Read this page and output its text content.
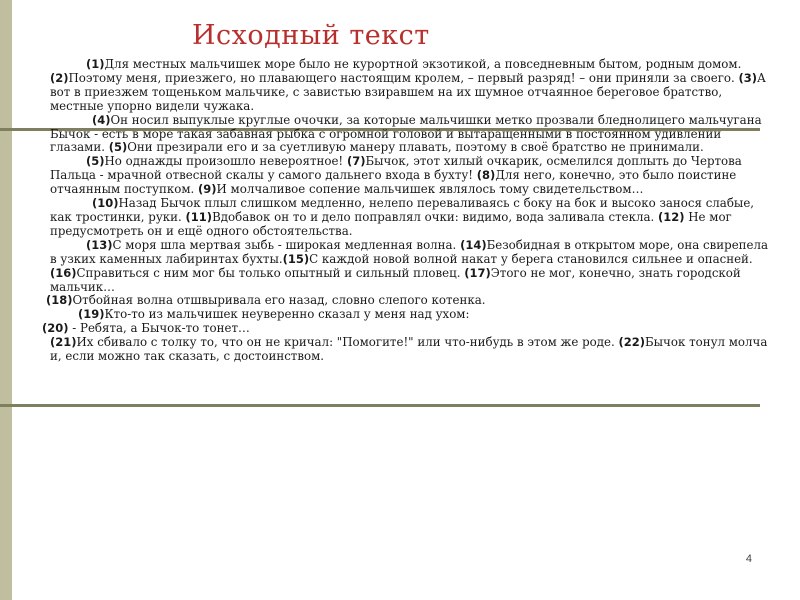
Исходный текст

(1)Для местных мальчишек море было не курортной экзотикой, а повседневным бытом, родным домом. (2)Поэтому меня, приезжего, но плавающего настоящим кролем, – первый разряд! – они приняли за своего. (3)А вот в приезжем тощеньком мальчике, с завистью взиравшем на их шумное отчаянное береговое братство, местные упорно видели чужака.

(4)Он носил выпуклые круглые очочки, за которые мальчишки метко прозвали бледнолицего мальчугана Бычок - есть в море такая забавная рыбка с огромной головой и вытаращенными в постоянном удивлении глазами. (5)Они презирали его и за суетливую манеру плавать, поэтому в своё братство не принимали.

(5)Но однажды произошло невероятное! (7)Бычок, этот хилый очкарик, осмелился доплыть до Чертова Пальца - мрачной отвесной скалы у самого дальнего входа в бухту! (8)Для него, конечно, это было поистине отчаянным поступком. (9)И молчаливое сопение мальчишек являлось тому свидетельством…

(10)Назад Бычок плыл слишком медленно, нелепо переваливаясь с боку на бок и высоко занося слабые, как тростинки, руки. (11)Вдобавок он то и дело поправлял очки: видимо, вода заливала стекла. (12) Не мог предусмотреть он и ещё одного обстоятельства.

(13)С моря шла мертвая зыбь - широкая медленная волна. (14)Безобидная в открытом море, она свирепела в узких каменных лабиринтах бухты.(15)С каждой новой волной накат у берега становился сильнее и опасней. (16)Справиться с ним мог бы только опытный и сильный пловец. (17)Этого не мог, конечно, знать городской мальчик…

(18)Отбойная волна отшвыривала его назад, словно слепого котенка.

(19)Кто-то из мальчишек неуверенно сказал у меня над ухом:

(20) - Ребята, а Бычок-то тонет…

(21)Их сбивало с толку то, что он не кричал: "Помогите!" или что-нибудь в этом же роде. (22)Бычок тонул молча и, если можно так сказать, с достоинством.

4
